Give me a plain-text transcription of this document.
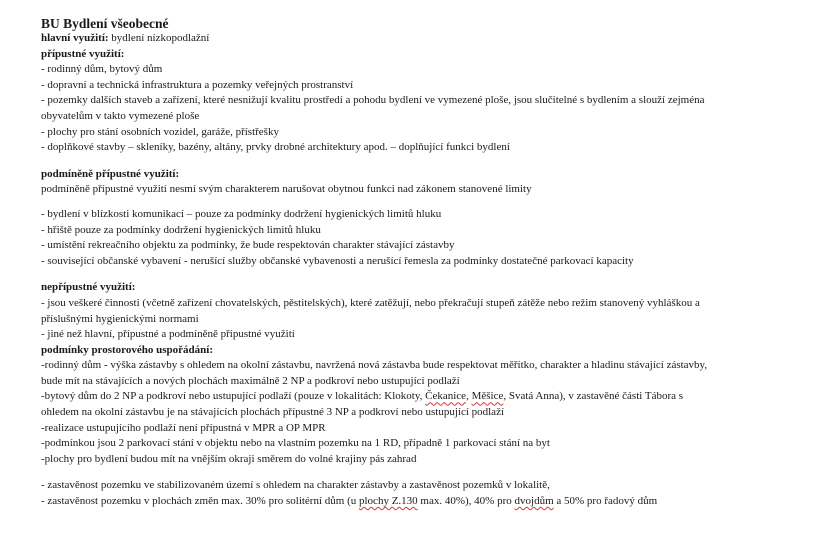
BU Bydlení všeobecné
hlavní využití: bydlení nízkopodlažní
přípustné využití:
- rodinný dům, bytový dům
- dopravní a technická infrastruktura a pozemky veřejných prostranství
- pozemky dalších staveb a zařízení, které nesnižují kvalitu prostředí a pohodu bydlení ve vymezené ploše, jsou slučitelné s bydlením a slouží zejména
obyvatelům v takto vymezené ploše
- plochy pro stání osobních vozidel, garáže, přístřešky
- doplňkové stavby – skleníky, bazény, altány, prvky drobné architektury apod. – doplňující funkci bydlení
podmíněně přípustné využití:
podmíněně přípustné využití nesmí svým charakterem narušovat obytnou funkci nad zákonem stanovené limity
- bydlení v blízkosti komunikací – pouze za podmínky dodržení hygienických limitů hluku
- hřiště pouze za podmínky dodržení hygienických limitů hluku
- umístění rekreačního objektu za podmínky, že bude respektován charakter stávající zástavby
- související občanské vybavení - nerušící služby občanské vybavenosti a nerušící řemesla za podmínky dostatečné parkovací kapacity
nepřípustné využití:
- jsou veškeré činnosti (včetně zařízení chovatelských, pěstitelských), které zatěžují, nebo překračují stupeň zátěže nebo režim stanovený vyhláškou a
příslušnými hygienickými normami
- jiné než hlavní, přípustné a podmíněně přípustné využití
podmínky prostorového uspořádání:
-rodinný dům - výška zástavby s ohledem na okolní zástavbu, navržená nová zástavba bude respektovat měřítko, charakter a hladinu stávající zástavby,
bude mít na stávajících a nových plochách maximálně 2 NP a podkroví nebo ustupující podlaží
-bytový dům do 2 NP a podkroví nebo ustupující podlaží (pouze v lokalitách: Klokoty, Čekanice, Měšice, Svatá Anna), v zastavěné části Tábora s
ohledem na okolní zástavbu je na stávajících plochách přípustné 3 NP a podkroví nebo ustupující podlaží
-realizace ustupujícího podlaží není přípustná v MPR a OP MPR
-podmínkou jsou 2 parkovací stání v objektu nebo na vlastním pozemku na 1 RD, případně 1 parkovací stání na byt
-plochy pro bydlení budou mít na vnějším okraji směrem do volné krajiny pás zahrad
- zastavěnost pozemku ve stabilizovaném území s ohledem na charakter zástavby a zastavěnost pozemků v lokalitě,
- zastavěnost pozemku v plochách změn max. 30% pro solitérní dům (u plochy Z.130 max. 40%), 40% pro dvojdům a 50% pro řadový dům
